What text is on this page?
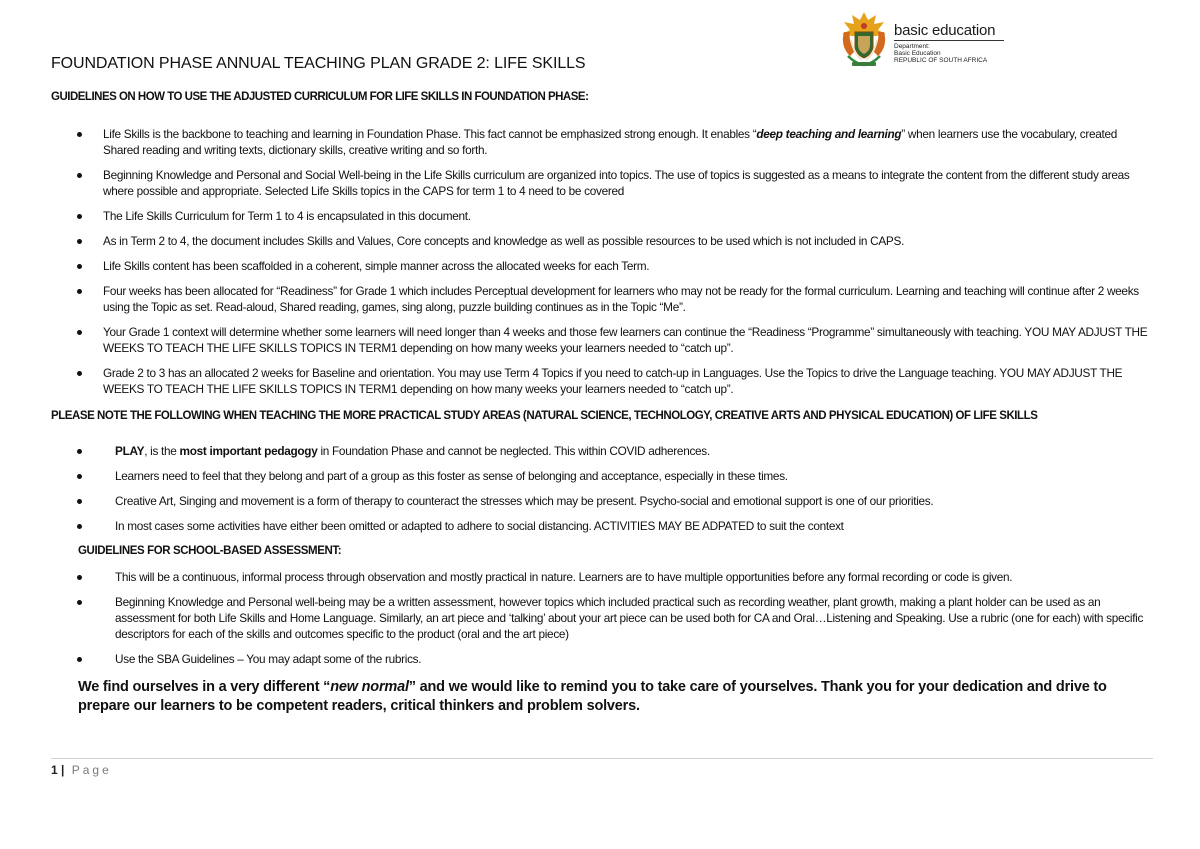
basic education
Department:
Basic Education
REPUBLIC OF SOUTH AFRICA
FOUNDATION PHASE ANNUAL TEACHING PLAN GRADE 2: LIFE SKILLS
GUIDELINES ON HOW TO USE THE ADJUSTED CURRICULUM FOR LIFE SKILLS IN FOUNDATION PHASE:
Life Skills is the backbone to teaching and learning in Foundation Phase. This fact cannot be emphasized strong enough. It enables “deep teaching and learning” when learners use the vocabulary, created Shared reading and writing texts, dictionary skills, creative writing and so forth.
Beginning Knowledge and Personal and Social Well-being in the Life Skills curriculum are organized into topics. The use of topics is suggested as a means to integrate the content from the different study areas where possible and appropriate. Selected Life Skills topics in the CAPS for term 1 to 4 need to be covered
The Life Skills Curriculum for Term 1 to 4 is encapsulated in this document.
As in Term 2 to 4, the document includes Skills and Values, Core concepts and knowledge as well as possible resources to be used which is not included in CAPS.
Life Skills content has been scaffolded in a coherent, simple manner across the allocated weeks for each Term.
Four weeks has been allocated for “Readiness” for Grade 1 which includes Perceptual development for learners who may not be ready for the formal curriculum. Learning and teaching will continue after 2 weeks using the Topic as set. Read-aloud, Shared reading, games, sing along, puzzle building continues as in the Topic “Me”.
Your Grade 1 context will determine whether some learners will need longer than 4 weeks and those few learners can continue the “Readiness “Programme” simultaneously with teaching. YOU MAY ADJUST THE WEEKS TO TEACH THE LIFE SKILLS TOPICS IN TERM1 depending on how many weeks your learners needed to “catch up”.
Grade 2 to 3 has an allocated 2 weeks for Baseline and orientation. You may use Term 4 Topics if you need to catch-up in Languages. Use the Topics to drive the Language teaching. YOU MAY ADJUST THE WEEKS TO TEACH THE LIFE SKILLS TOPICS IN TERM1 depending on how many weeks your learners needed to “catch up”.
PLEASE NOTE THE FOLLOWING WHEN TEACHING THE MORE PRACTICAL STUDY AREAS (NATURAL SCIENCE, TECHNOLOGY, CREATIVE ARTS AND PHYSICAL EDUCATION) OF LIFE SKILLS
PLAY, is the most important pedagogy in Foundation Phase and cannot be neglected. This within COVID adherences.
Learners need to feel that they belong and part of a group as this foster as sense of belonging and acceptance, especially in these times.
Creative Art, Singing and movement is a form of therapy to counteract the stresses which may be present. Psycho-social and emotional support is one of our priorities.
In most cases some activities have either been omitted or adapted to adhere to social distancing. ACTIVITIES MAY BE ADPATED to suit the context
GUIDELINES FOR SCHOOL-BASED ASSESSMENT:
This will be a continuous, informal process through observation and mostly practical in nature. Learners are to have multiple opportunities before any formal recording or code is given.
Beginning Knowledge and Personal well-being may be a written assessment, however topics which included practical such as recording weather, plant growth, making a plant holder can be used as an assessment for both Life Skills and Home Language. Similarly, an art piece and ‘talking’ about your art piece can be used both for CA and Oral…Listening and Speaking. Use a rubric (one for each) with specific descriptors for each of the skills and outcomes specific to the product (oral and the art piece)
Use the SBA Guidelines – You may adapt some of the rubrics.
We find ourselves in a very different “new normal” and we would like to remind you to take care of yourselves. Thank you for your dedication and drive to prepare our learners to be competent readers, critical thinkers and problem solvers.
1 | Page
